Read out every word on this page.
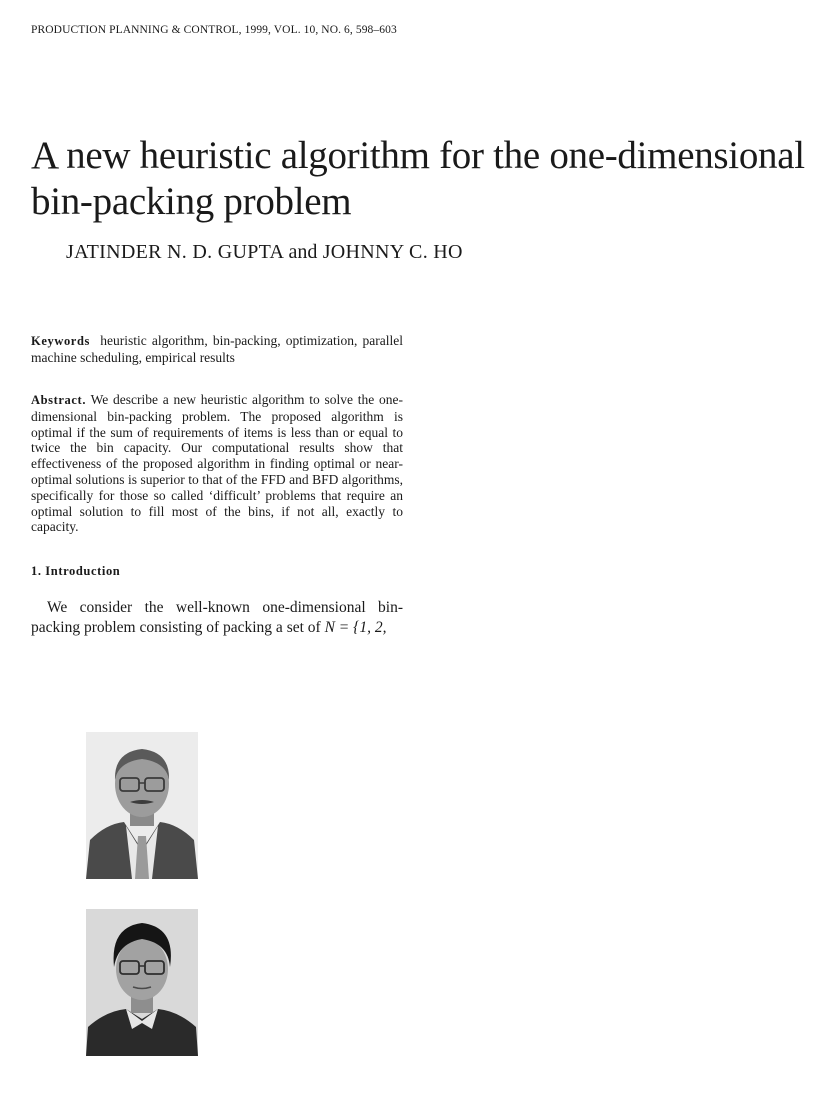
PRODUCTION PLANNING & CONTROL, 1999, VOL. 10, NO. 6, 598–603
A new heuristic algorithm for the one-dimensional bin-packing problem
JATINDER N. D. GUPTA and JOHNNY C. HO
Keywords heuristic algorithm, bin-packing, optimization, parallel machine scheduling, empirical results
Abstract. We describe a new heuristic algorithm to solve the one-dimensional bin-packing problem. The proposed algorithm is optimal if the sum of requirements of items is less than or equal to twice the bin capacity. Our computational results show that effectiveness of the proposed algorithm in finding optimal or near-optimal solutions is superior to that of the FFD and BFD algorithms, specifically for those so called ‘difficult’ problems that require an optimal solution to fill most of the bins, if not all, exactly to capacity.
1. Introduction
We consider the well-known one-dimensional bin-packing problem consisting of packing a set of N = {1, 2,
